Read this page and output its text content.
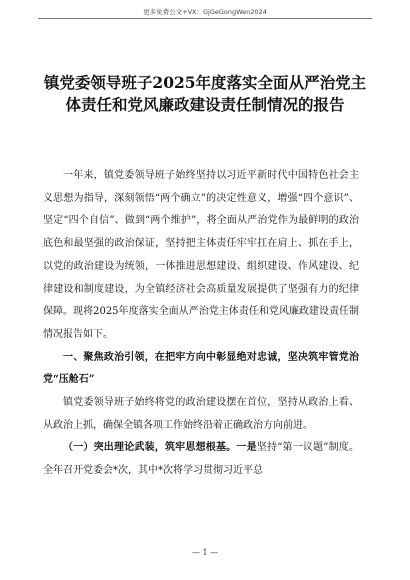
更多免费公文+VX：GjGeGongWen2024
镇党委领导班子2025年度落实全面从严治党主体责任和党风廉政建设责任制情况的报告

一年来，镇党委领导班子始终坚持以习近平新时代中国特色社会主义思想为指导，深刻领悟“两个确立”的决定性意义，增强“四个意识”、坚定“四个自信”、做到“两个维护”，将全面从严治党作为最鲜明的政治底色和最坚强的政治保证，坚持把主体责任牢牢扛在肩上、抓在手上，以党的政治建设为统领，一体推进思想建设、组织建设、作风建设、纪律建设和制度建设，为全镇经济社会高质量发展提供了坚强有力的纪律保障。现将2025年度落实全面从严治党主体责任和党风廉政建设责任制情况报告如下。

一、聚焦政治引领，在把牢方向中彰显绝对忠诚，坚决筑牢管党治党“压舱石”

镇党委领导班子始终将党的政治建设摆在首位，坚持从政治上看、从政治上抓，确保全镇各项工作始终沿着正确政治方向前进。

（一）突出理论武装，筑牢思想根基。一是坚持“第一议题”制度。全年召开党委会*次，其中*次将学习贯彻习近平总

— 1 —
